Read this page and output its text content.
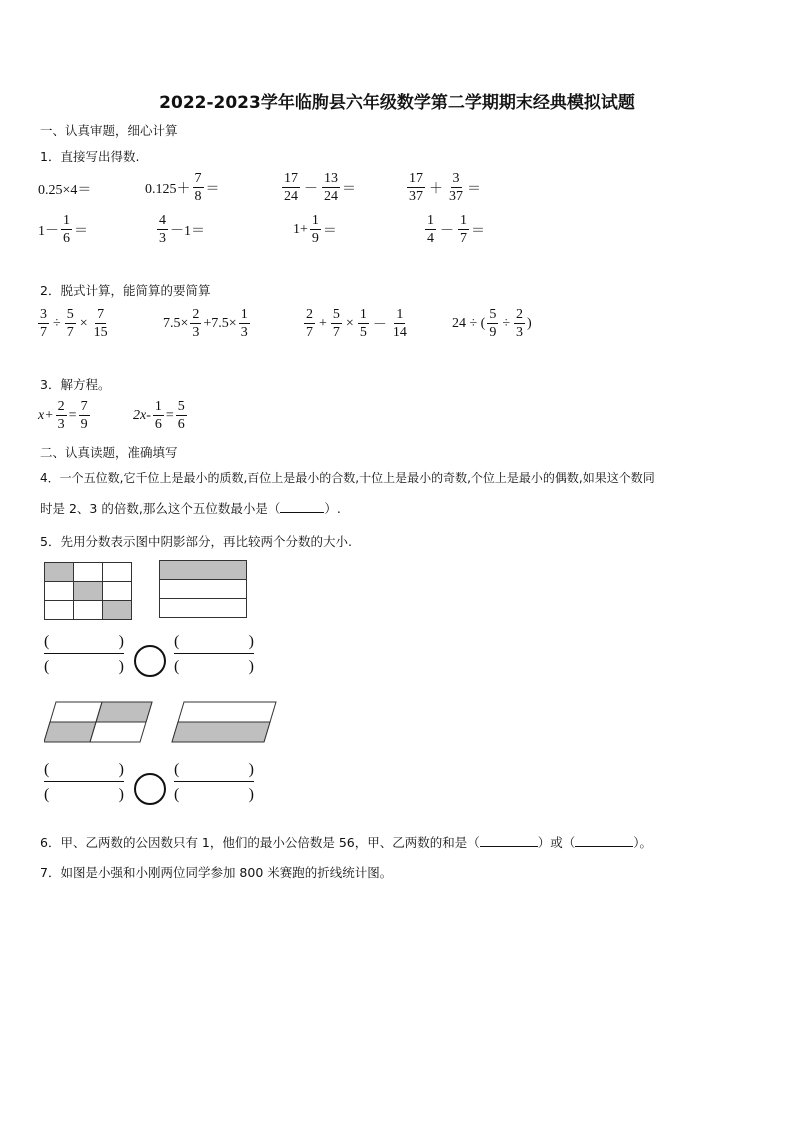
2022-2023学年临朐县六年级数学第二学期期末经典模拟试题
一、认真审题，细心计算
1．直接写出得数.
0.25×4＝	$0.125+ \frac{7}{8}$ ＝	$\frac{17}{24} - \frac{13}{24}$ ＝	$\frac{17}{37} + \frac{3}{37}$ ＝
$1- \frac{1}{6}$ ＝	$\frac{4}{3} -1=$	$1+ \frac{1}{9}$ ＝	$\frac{1}{4} - \frac{1}{7}$ ＝
2．脱式计算，能简算的要简算
$\frac{3}{7} \div \frac{5}{7} \times \frac{7}{15}$	$7.5\times \frac{2}{3} +7.5\times \frac{1}{3}$	$\frac{2}{7} + \frac{5}{7} \times \frac{1}{5} - \frac{1}{14}$	24 ÷ ( $\frac{5}{9} \div \frac{2}{3}$ )
3．解方程。
$x+ \frac{2}{3} = \frac{7}{9}$	$2x- \frac{1}{6} = \frac{5}{6}$
二、认真读题，准确填写
4．一个五位数,它千位上是最小的质数,百位上是最小的合数,十位上是最小的奇数,个位上是最小的偶数,如果这个数同
时是 2、3 的倍数,那么这个五位数最小是（	）.
5．先用分数表示图中阴影部分，再比较两个分数的大小.

(	)
(	)
(	)
(	)
(	)
(	)
(	)
(	)
6．甲、乙两数的公因数只有 1，他们的最小公倍数是 56，甲、乙两数的和是（	）或（	）。
7．如图是小强和小刚两位同学参加 800 米赛跑的折线统计图。
